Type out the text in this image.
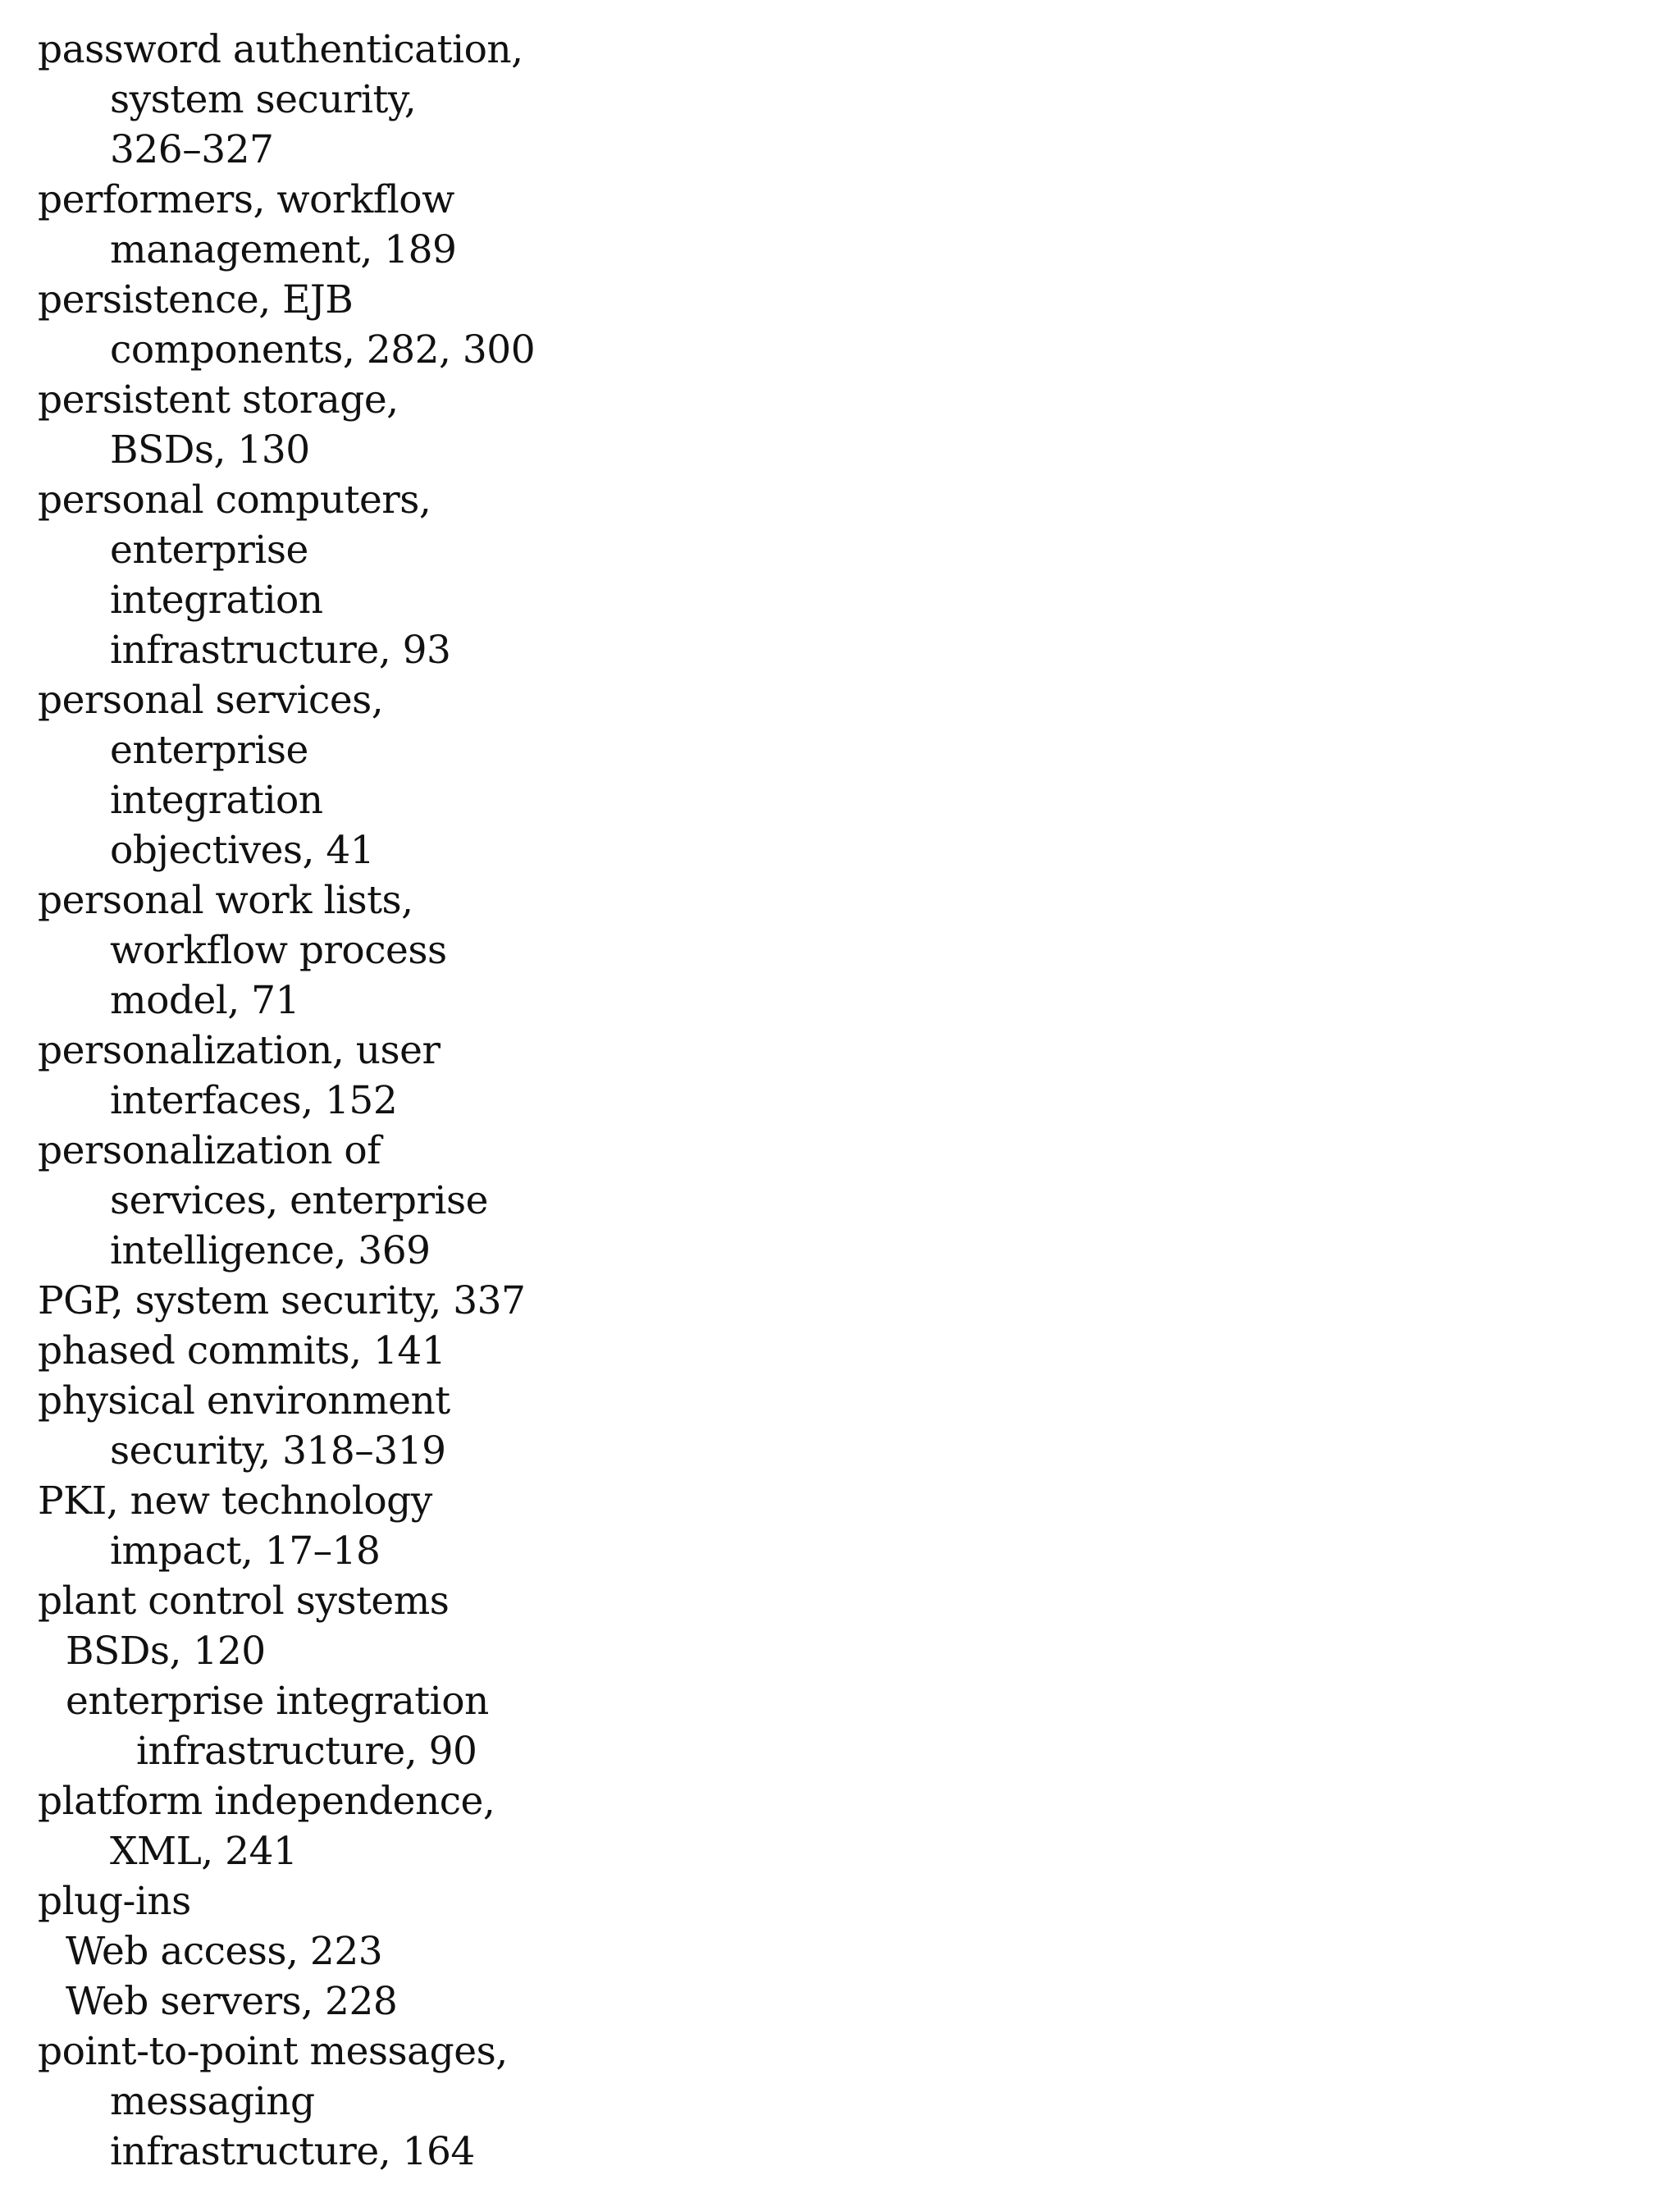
password authentication,
system security,
326–327
performers, workflow
management, 189
persistence, EJB
components, 282, 300
persistent storage,
BSDs, 130
personal computers,
enterprise
integration
infrastructure, 93
personal services,
enterprise
integration
objectives, 41
personal work lists,
workflow process
model, 71
personalization, user
interfaces, 152
personalization of
services, enterprise
intelligence, 369
PGP, system security, 337
phased commits, 141
physical environment
security, 318–319
PKI, new technology
impact, 17–18
plant control systems
BSDs, 120
enterprise integration
infrastructure, 90
platform independence,
XML, 241
plug-ins
Web access, 223
Web servers, 228
point-to-point messages,
messaging
infrastructure, 164
